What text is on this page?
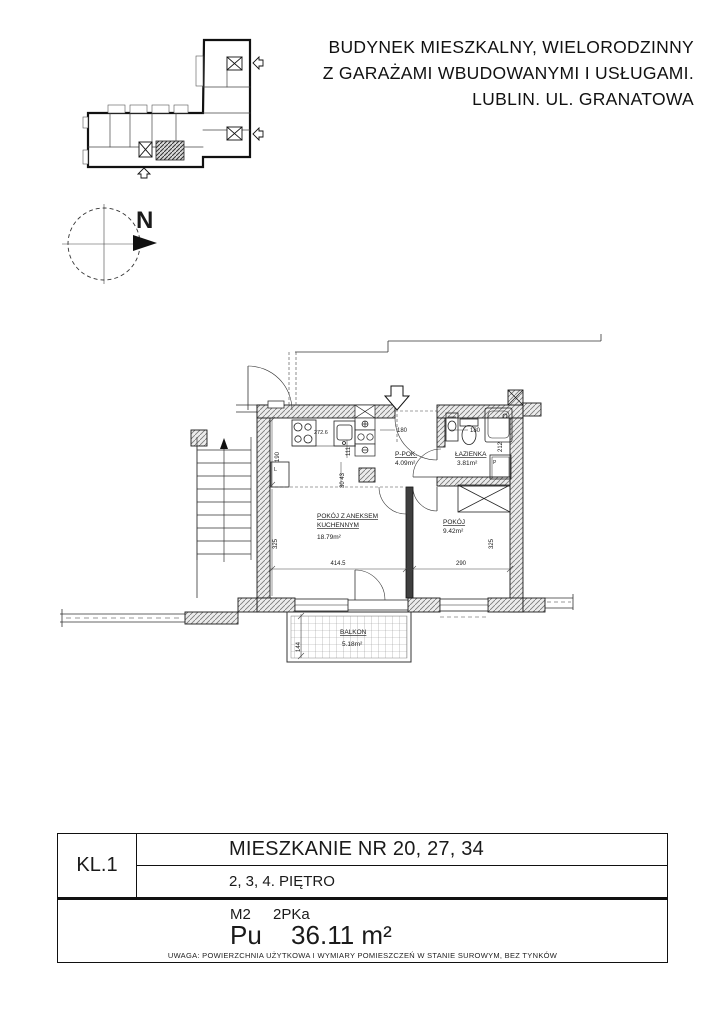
BUDYNEK MIESZKALNY, WIELORODZINNY
Z GARAŻAMI WBUDOWANYMI I USŁUGAMI.
LUBLIN. UL. GRANATOWA
N
L
P
190
272.6
111
30 43
180	180
212
414.5
325
290
325
144
POKÓJ Z ANEKSEM
KUCHENNYM
18.79m²
P-POK.
4.09m²
ŁAZIENKA
3.81m²
POKÓJ
9.42m²
BALKON
5.18m²
KL.1
MIESZKANIE NR 20, 27, 34
2, 3, 4. PIĘTRO
M2 2PKa
Pu 36.11 m²
UWAGA: POWIERZCHNIA UŻYTKOWA I WYMIARY POMIESZCZEŃ W STANIE SUROWYM, BEZ TYNKÓW
